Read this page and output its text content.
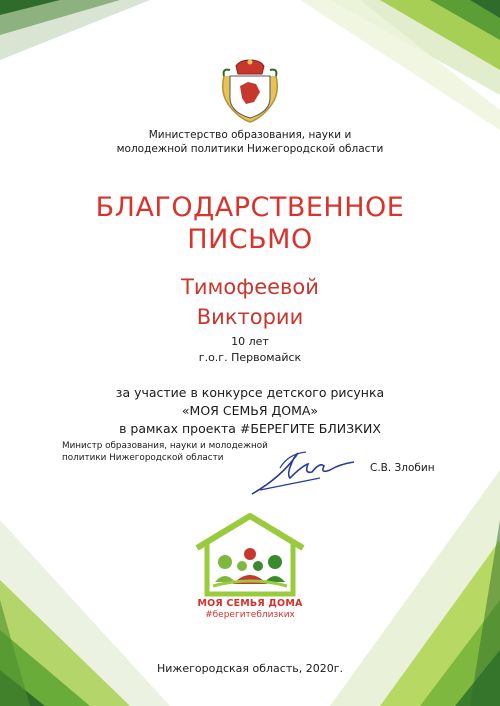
Министерство образования, науки и
молодежной политики Нижегородской области
БЛАГОДАРСТВЕННОЕ
ПИСЬМО
Тимофеевой
Виктории
10 лет
г.о.г. Первомайск
за участие в конкурсе детского рисунка
«МОЯ СЕМЬЯ ДОМА»
в рамках проекта #БЕРЕГИТЕ БЛИЗКИХ
Министр образования, науки и молодежной
политики Нижегородской области
С.В. Злобин
МОЯ СЕМЬЯ ДОМА
#берегитеблизких
Нижегородская область, 2020г.
